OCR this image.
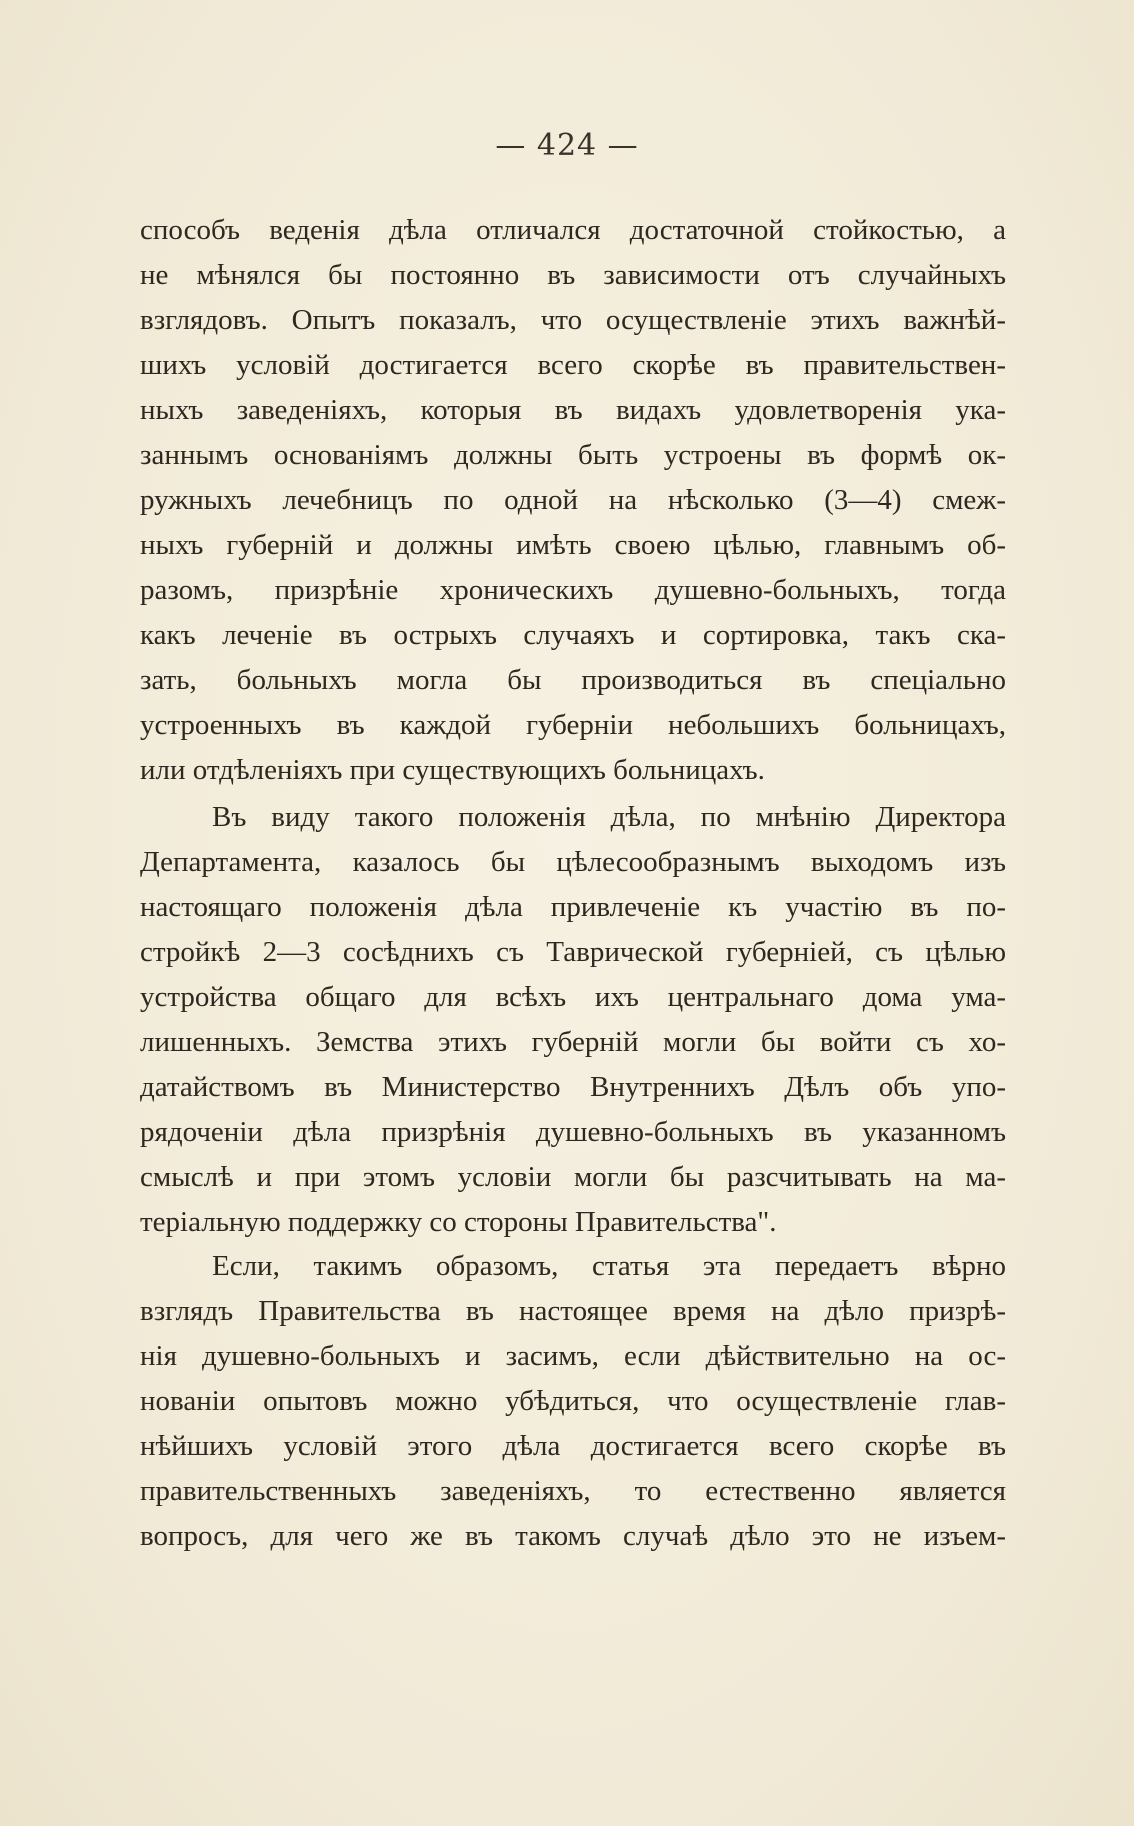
— 424 —
способъ веденія дѣла отличался достаточной стойкостью, а
не мѣнялся бы постоянно въ зависимости отъ случайныхъ
взглядовъ. Опытъ показалъ, что осуществленіе этихъ важнѣй-
шихъ условій достигается всего скорѣе въ правительствен-
ныхъ заведеніяхъ, которыя въ видахъ удовлетворенія ука-
заннымъ основаніямъ должны быть устроены въ формѣ ок-
ружныхъ лечебницъ по одной на нѣсколько (3—4) смеж-
ныхъ губерній и должны имѣть своею цѣлью, главнымъ об-
разомъ, призрѣніе хроническихъ душевно-больныхъ, тогда
какъ леченіе въ острыхъ случаяхъ и сортировка, такъ ска-
зать, больныхъ могла бы производиться въ спеціально
устроенныхъ въ каждой губерніи небольшихъ больницахъ,
или отдѣленіяхъ при существующихъ больницахъ.
Въ виду такого положенія дѣла, по мнѣнію Директора
Департамента, казалось бы цѣлесообразнымъ выходомъ изъ
настоящаго положенія дѣла привлеченіе къ участію въ по-
стройкѣ 2—3 сосѣднихъ съ Таврической губерніей, съ цѣлью
устройства общаго для всѣхъ ихъ центральнаго дома ума-
лишенныхъ. Земства этихъ губерній могли бы войти съ хо-
датайствомъ въ Министерство Внутреннихъ Дѣлъ объ упо-
рядоченіи дѣла призрѣнія душевно-больныхъ въ указанномъ
смыслѣ и при этомъ условіи могли бы разсчитывать на ма-
теріальную поддержку со стороны Правительства".
Если, такимъ образомъ, статья эта передаетъ вѣрно
взглядъ Правительства въ настоящее время на дѣло призрѣ-
нія душевно-больныхъ и засимъ, если дѣйствительно на ос-
нованіи опытовъ можно убѣдиться, что осуществленіе глав-
нѣйшихъ условій этого дѣла достигается всего скорѣе въ
правительственныхъ заведеніяхъ, то естественно является
вопросъ, для чего же въ такомъ случаѣ дѣло это не изъем-
